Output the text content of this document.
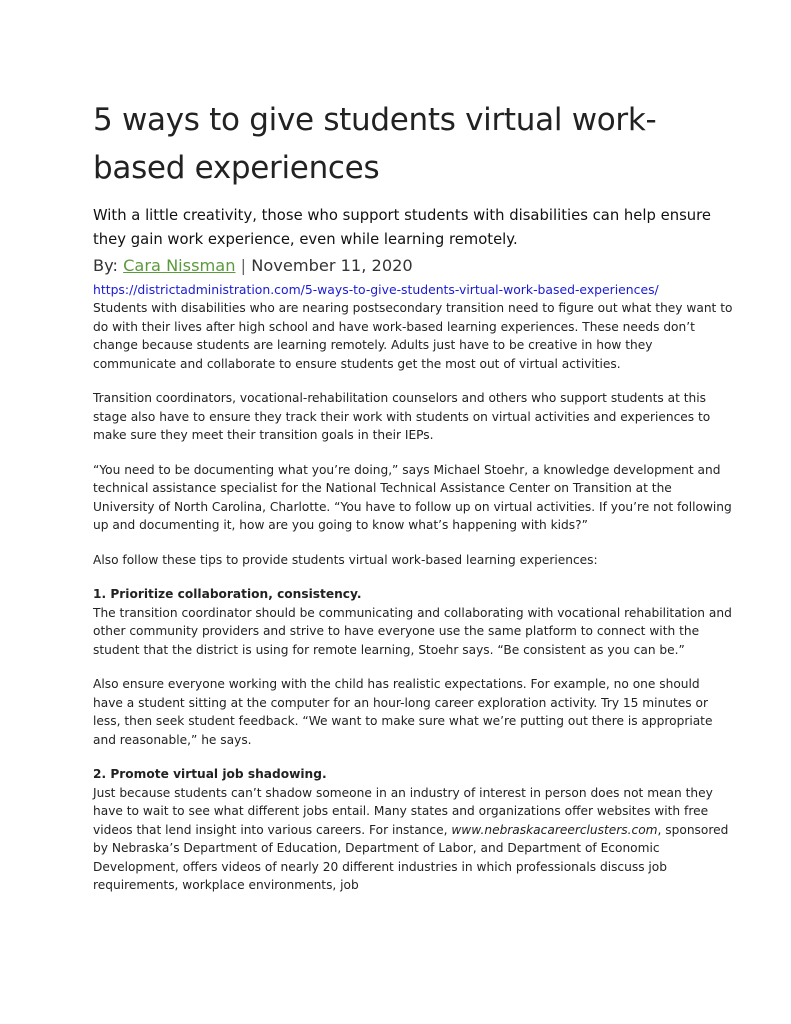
5 ways to give students virtual work-based experiences

With a little creativity, those who support students with disabilities can help ensure they gain work experience, even while learning remotely.

By: Cara Nissman | November 11, 2020

https://districtadministration.com/5-ways-to-give-students-virtual-work-based-experiences/

Students with disabilities who are nearing postsecondary transition need to figure out what they want to do with their lives after high school and have work-based learning experiences. These needs don’t change because students are learning remotely. Adults just have to be creative in how they communicate and collaborate to ensure students get the most out of virtual activities.

Transition coordinators, vocational-rehabilitation counselors and others who support students at this stage also have to ensure they track their work with students on virtual activities and experiences to make sure they meet their transition goals in their IEPs.

“You need to be documenting what you’re doing,” says Michael Stoehr, a knowledge development and technical assistance specialist for the National Technical Assistance Center on Transition at the University of North Carolina, Charlotte. “You have to follow up on virtual activities. If you’re not following up and documenting it, how are you going to know what’s happening with kids?”

Also follow these tips to provide students virtual work-based learning experiences:

1. Prioritize collaboration, consistency.

The transition coordinator should be communicating and collaborating with vocational rehabilitation and other community providers and strive to have everyone use the same platform to connect with the student that the district is using for remote learning, Stoehr says. “Be consistent as you can be.”

Also ensure everyone working with the child has realistic expectations. For example, no one should have a student sitting at the computer for an hour-long career exploration activity. Try 15 minutes or less, then seek student feedback. “We want to make sure what we’re putting out there is appropriate and reasonable,” he says.

2. Promote virtual job shadowing.

Just because students can’t shadow someone in an industry of interest in person does not mean they have to wait to see what different jobs entail. Many states and organizations offer websites with free videos that lend insight into various careers. For instance, www.nebraskacareerclusters.com, sponsored by Nebraska’s Department of Education, Department of Labor, and Department of Economic Development, offers videos of nearly 20 different industries in which professionals discuss job requirements, workplace environments, job
